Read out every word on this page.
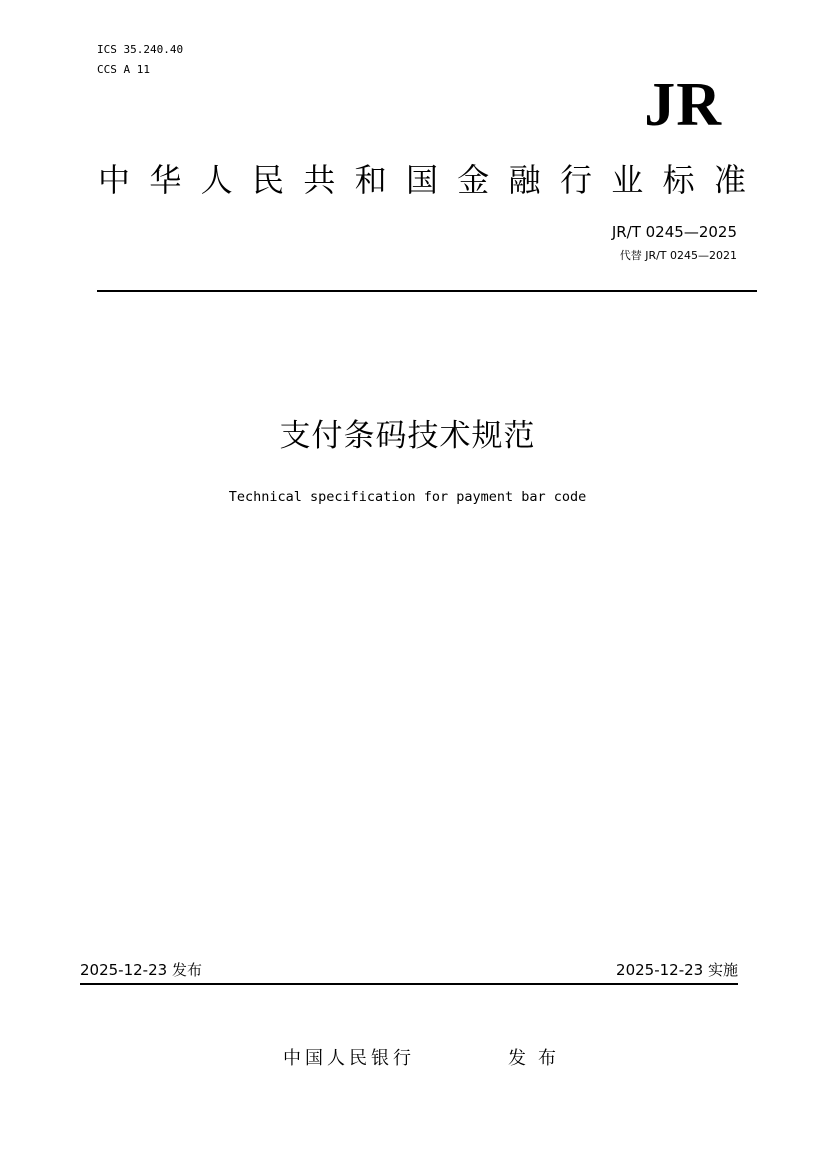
ICS 35.240.40
CCS A 11
JR
中 华 人 民 共 和 国 金 融 行 业 标 准
JR/T 0245—2025
代替 JR/T 0245—2021
支付条码技术规范
Technical specification for payment bar code
2025-12-23 发布	2025-12-23 实施
中国人民银行	发布
